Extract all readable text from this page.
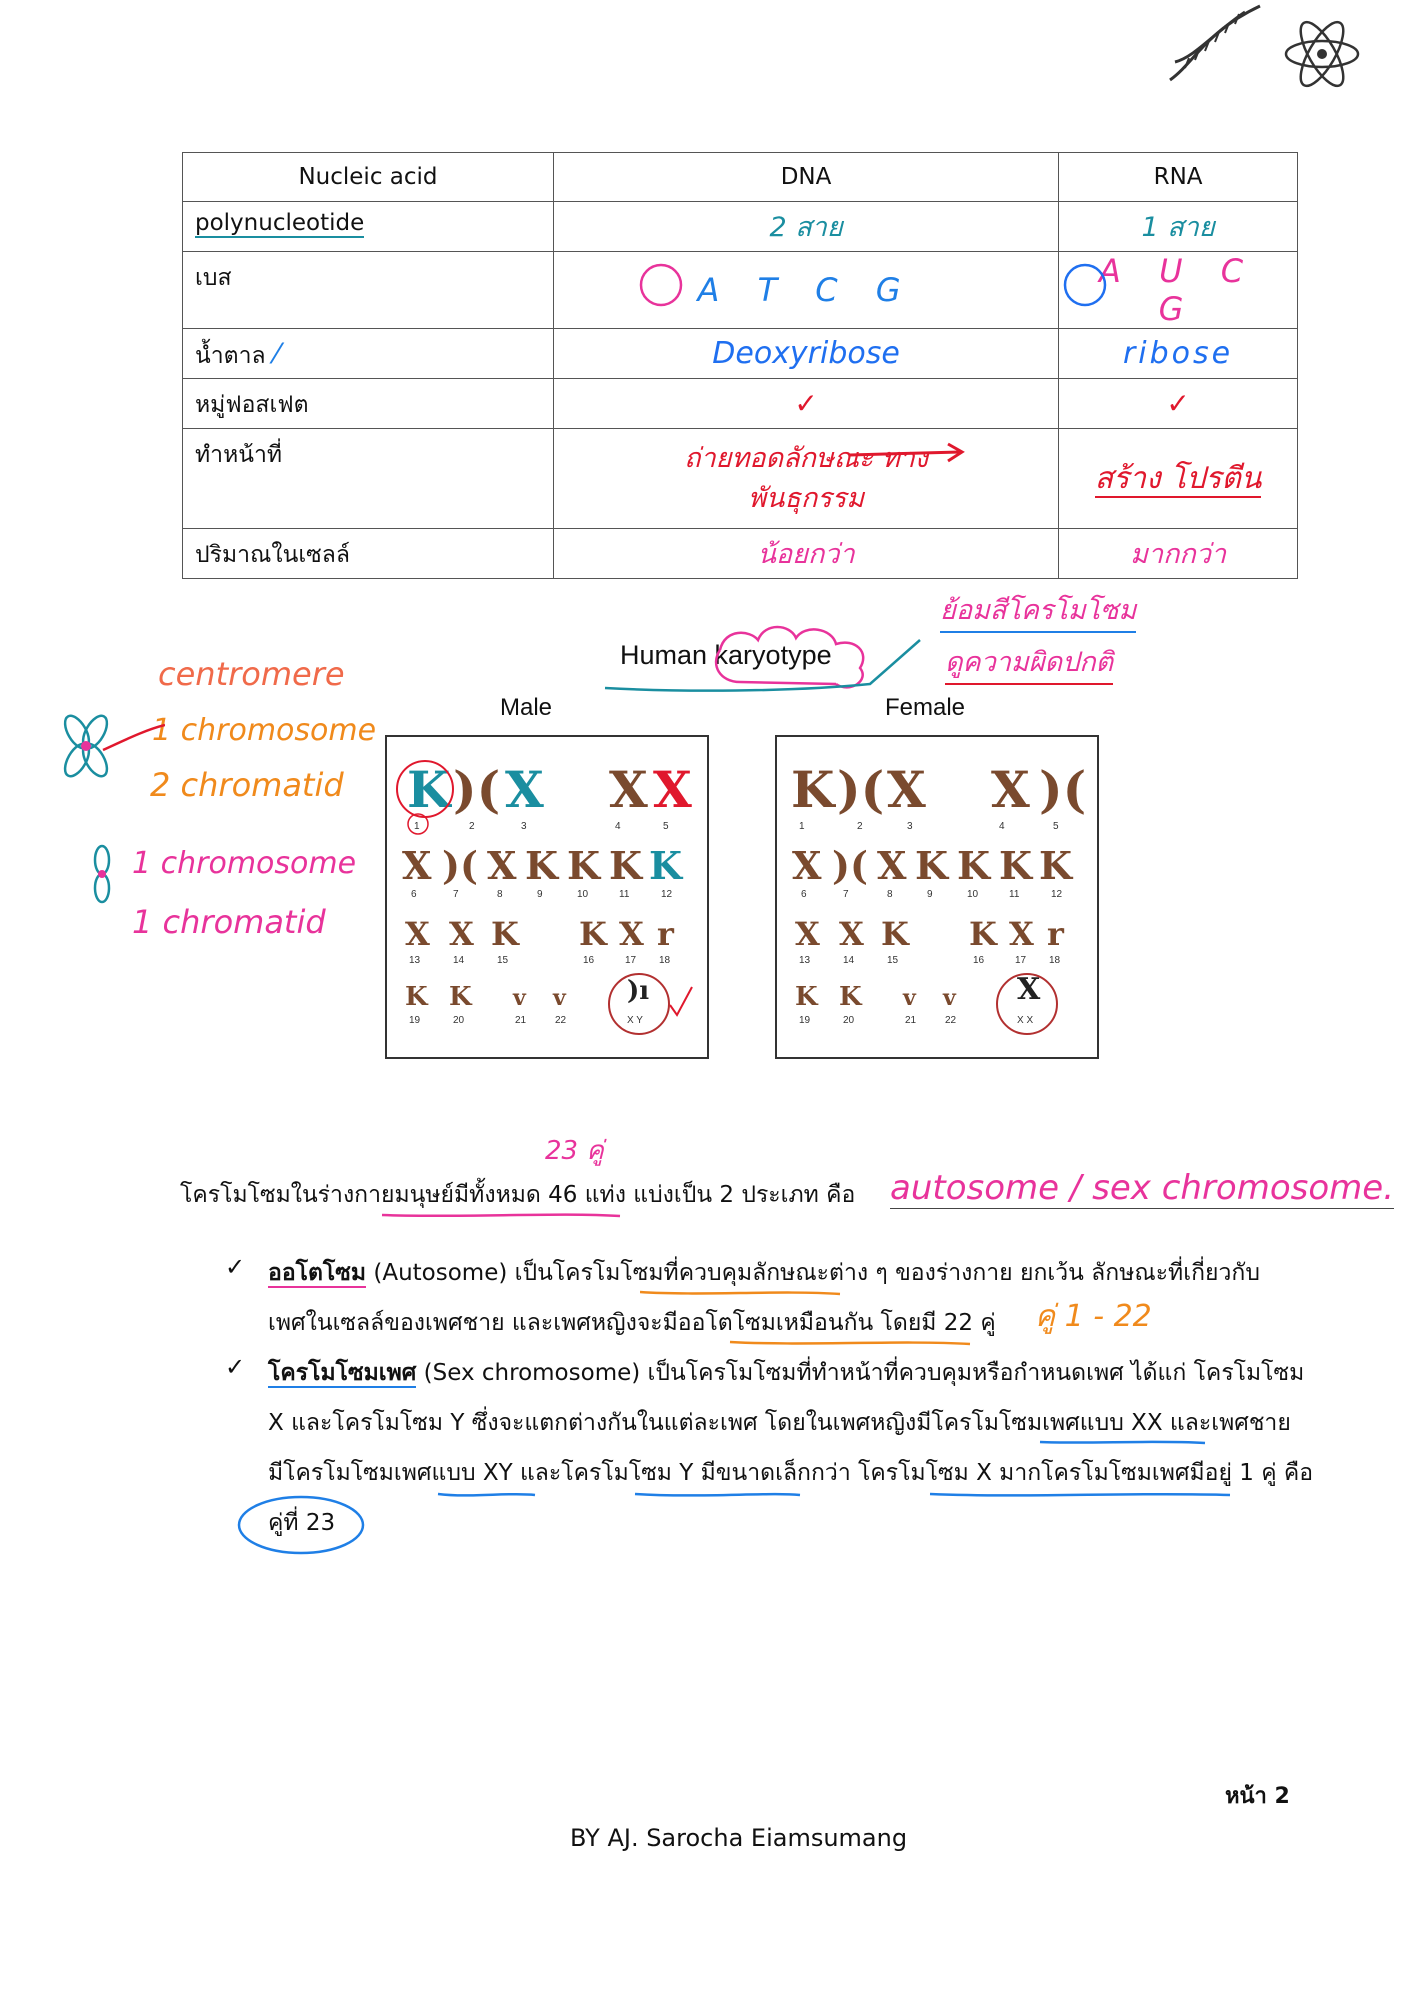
Nucleic acid	DNA	RNA
polynucleotide	2 สาย	1 สาย
เบส	A T C G	A U C G
น้ำตาล ⁄	Deoxyribose	ribose
หมู่ฟอสเฟต	✓	✓
ทำหน้าที่	ถ่ายทอดลักษณะ ทางพันธุกรรม	สร้าง โปรตีน
ปริมาณในเซลล์	น้อยกว่า	มากกว่า
Human karyotype
ย้อมสีโครโมโซม
ดูความผิดปกติ
Male	Female
K )( X X X
X )( X K K K K
X X K K X r
K K v v )ı
1	2	3	4	5
6	7	8	9	10	11	12
13	14	15	16	17 18
19	20	21	22	X Y
K )( X X )(
X )( X K K K K
X X K K X r
K K v v X
1	2	3	4	5
6	7	8	9	10	11	12
13	14	15	16	17 18
19	20	21	22	X X
centromere
1 chromosome
2 chromatid
1 chromosome
1 chromatid
23 คู่
โครโมโซมในร่างกายมนุษย์มีทั้งหมด 46 แท่ง แบ่งเป็น 2 ประเภท คือ autosome / sex chromosome.
✓ ออโตโซม (Autosome) เป็นโครโมโซมที่ควบคุมลักษณะต่าง ๆ ของร่างกาย ยกเว้น ลักษณะที่เกี่ยวกับ
เพศในเซลล์ของเพศชาย และเพศหญิงจะมีออโตโซมเหมือนกัน โดยมี 22 คู่ คู่ 1 - 22
✓ โครโมโซมเพศ (Sex chromosome) เป็นโครโมโซมที่ทำหน้าที่ควบคุมหรือกำหนดเพศ ได้แก่ โครโมโซม
X และโครโมโซม Y ซึ่งจะแตกต่างกันในแต่ละเพศ โดยในเพศหญิงมีโครโมโซมเพศแบบ XX และเพศชาย
มีโครโมโซมเพศแบบ XY และโครโมโซม Y มีขนาดเล็กกว่า โครโมโซม X มากโครโมโซมเพศมีอยู่ 1 คู่ คือ
คู่ที่ 23
หน้า 2
BY AJ. Sarocha Eiamsumang
